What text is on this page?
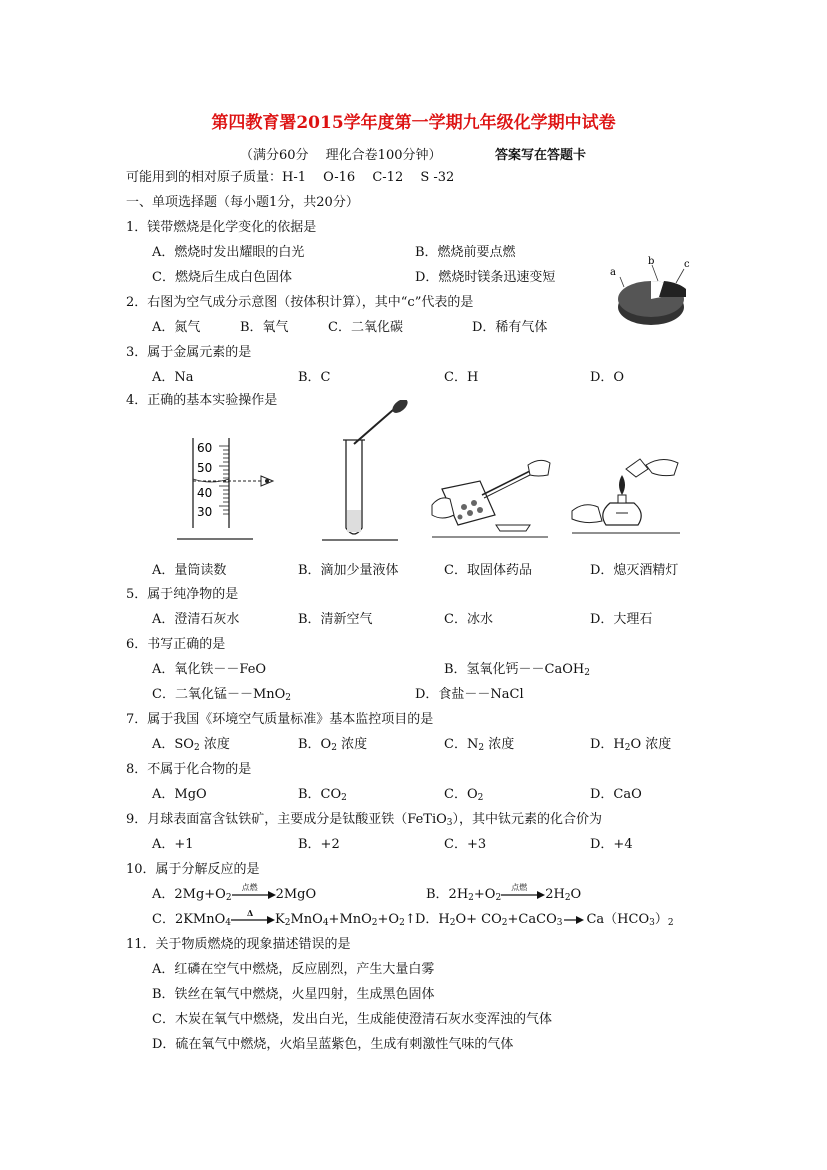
第四教育署2015学年度第一学期九年级化学期中试卷
（满分60分　 理化合卷100分钟）	答案写在答题卡
可能用到的相对原子质量：H-1　 O-16　 C-12　 S -32
一、单项选择题（每小题1分，共20分）
1．镁带燃烧是化学变化的依据是
A．燃烧时发出耀眼的白光	B．燃烧前要点燃
C．燃烧后生成白色固体	D．燃烧时镁条迅速变短
2．右图为空气成分示意图（按体积计算），其中“c”代表的是
A．氮气	B．氧气	C．二氧化碳	D．稀有气体
a
b	c
3．属于金属元素的是
A．Na	B．C	C．H	D．O
4．正确的基本实验操作是
60
50
40
30
A．量筒读数	B．滴加少量液体	C．取固体药品	D．熄灭酒精灯
5．属于纯净物的是
A．澄清石灰水	B．清新空气	C．冰水	D．大理石
6．书写正确的是
A．氧化铁－－FeO	B．氢氧化钙－－CaOH$_2$
C．二氧化锰－－MnO$_2$	D．食盐－－NaCl
7．属于我国《环境空气质量标准》基本监控项目的是
A．$SO_2$ 浓度	B．$O_2$ 浓度	C．$N_2$ 浓度	D．$H_2O$ 浓度
8．不属于化合物的是
A．MgO	B．$CO_2$	C．$O_2$	D．CaO
9．月球表面富含钛铁矿，主要成分是钛酸亚铁（FeTiO$_3$），其中钛元素的化合价为
A．+1	B．+2	C．+3	D．+4
10．属于分解反应的是
A．$2Mg+O_2$
点燃 2MgO	B．$2H_2+O_2$
点燃 $2H_2O$
C．2KMnO$_4$
Δ $K_2MnO_4+MnO_2+O_2↑$ D．$H_2O+$ $CO_2+CaCO_3\to Ca(HCO_3)_2$
11．关于物质燃烧的现象描述错误的是
A．红磷在空气中燃烧，反应剧烈，产生大量白雾
B．铁丝在氧气中燃烧，火星四射，生成黑色固体
C．木炭在氧气中燃烧，发出白光，生成能使澄清石灰水变浑浊的气体
D．硫在氧气中燃烧，火焰呈蓝紫色，生成有刺激性气味的气体
